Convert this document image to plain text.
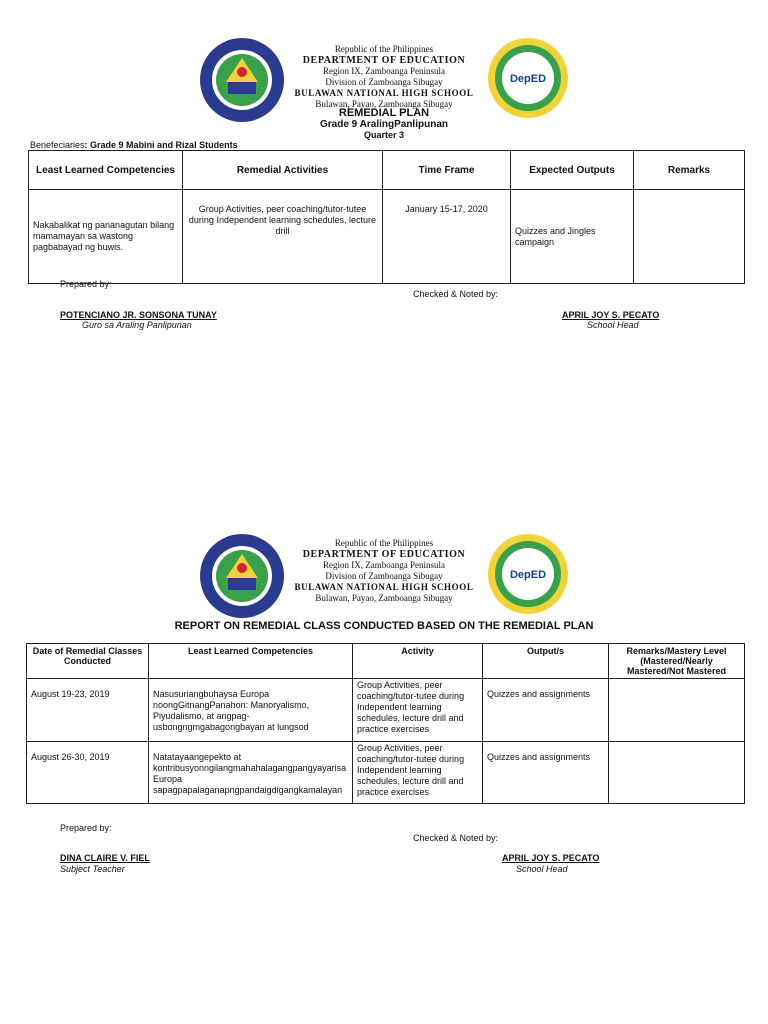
Republic of the Philippines
DEPARTMENT OF EDUCATION
Region IX, Zamboanga Peninsula
Division of Zamboanga Sibugay
BULAWAN NATIONAL HIGH SCHOOL
Bulawan, Payao, Zamboanga Sibugay
DepED
REMEDIAL PLAN
Grade 9 AralingPanlipunan
Quarter 3
Benefeciaries: Grade 9 Mabini and Rizal Students
Least Learned Competencies	Remedial Activities	Time Frame	Expected Outputs	Remarks
Nakabalikat ng pananagutan bilang mamamayan sa wastong pagbabayad ng buwis.	Group Activities, peer coaching/tutor-tutee during Independent learning schedules, lecture drill	January 15-17, 2020	Quizzes and Jingles campaign	
Prepared by:
Checked & Noted by:
POTENCIANO JR. SONSONA TUNAY
Guro sa Araling Panlipunan
APRIL JOY S. PECATO
School Head
Republic of the Philippines
DEPARTMENT OF EDUCATION
Region IX, Zamboanga Peninsula
Division of Zamboanga Sibugay
BULAWAN NATIONAL HIGH SCHOOL
Bulawan, Payao, Zamboanga Sibugay
DepED
REPORT ON REMEDIAL CLASS CONDUCTED BASED ON THE REMEDIAL PLAN
Date of Remedial Classes Conducted	Least Learned Competencies	Activity	Output/s	Remarks/Mastery Level (Mastered/Nearly Mastered/Not Mastered
August 19-23, 2019	Nasusuriangbuhaysa Europa noongGitnangPanahon: Manoryalismo, Piyudalismo, at angpag-usbongngmgabagongbayan at lungsod	Group Activities, peer coaching/tutor-tutee during Independent learning schedules, lecture drill and practice exercises	Quizzes and assignments	
August 26-30, 2019	Natatayaangepekto at kontribusyonngilangmahahalagangpangyayarisa Europa sapagpapalaganapngpandaigdigangkamalayan	Group Activities, peer coaching/tutor-tutee during Independent learning schedules, lecture drill and practice exercises	Quizzes and assignments	
Prepared by:
Checked & Noted by:
DINA CLAIRE V. FIEL
Subject Teacher
APRIL JOY S. PECATO
School Head
